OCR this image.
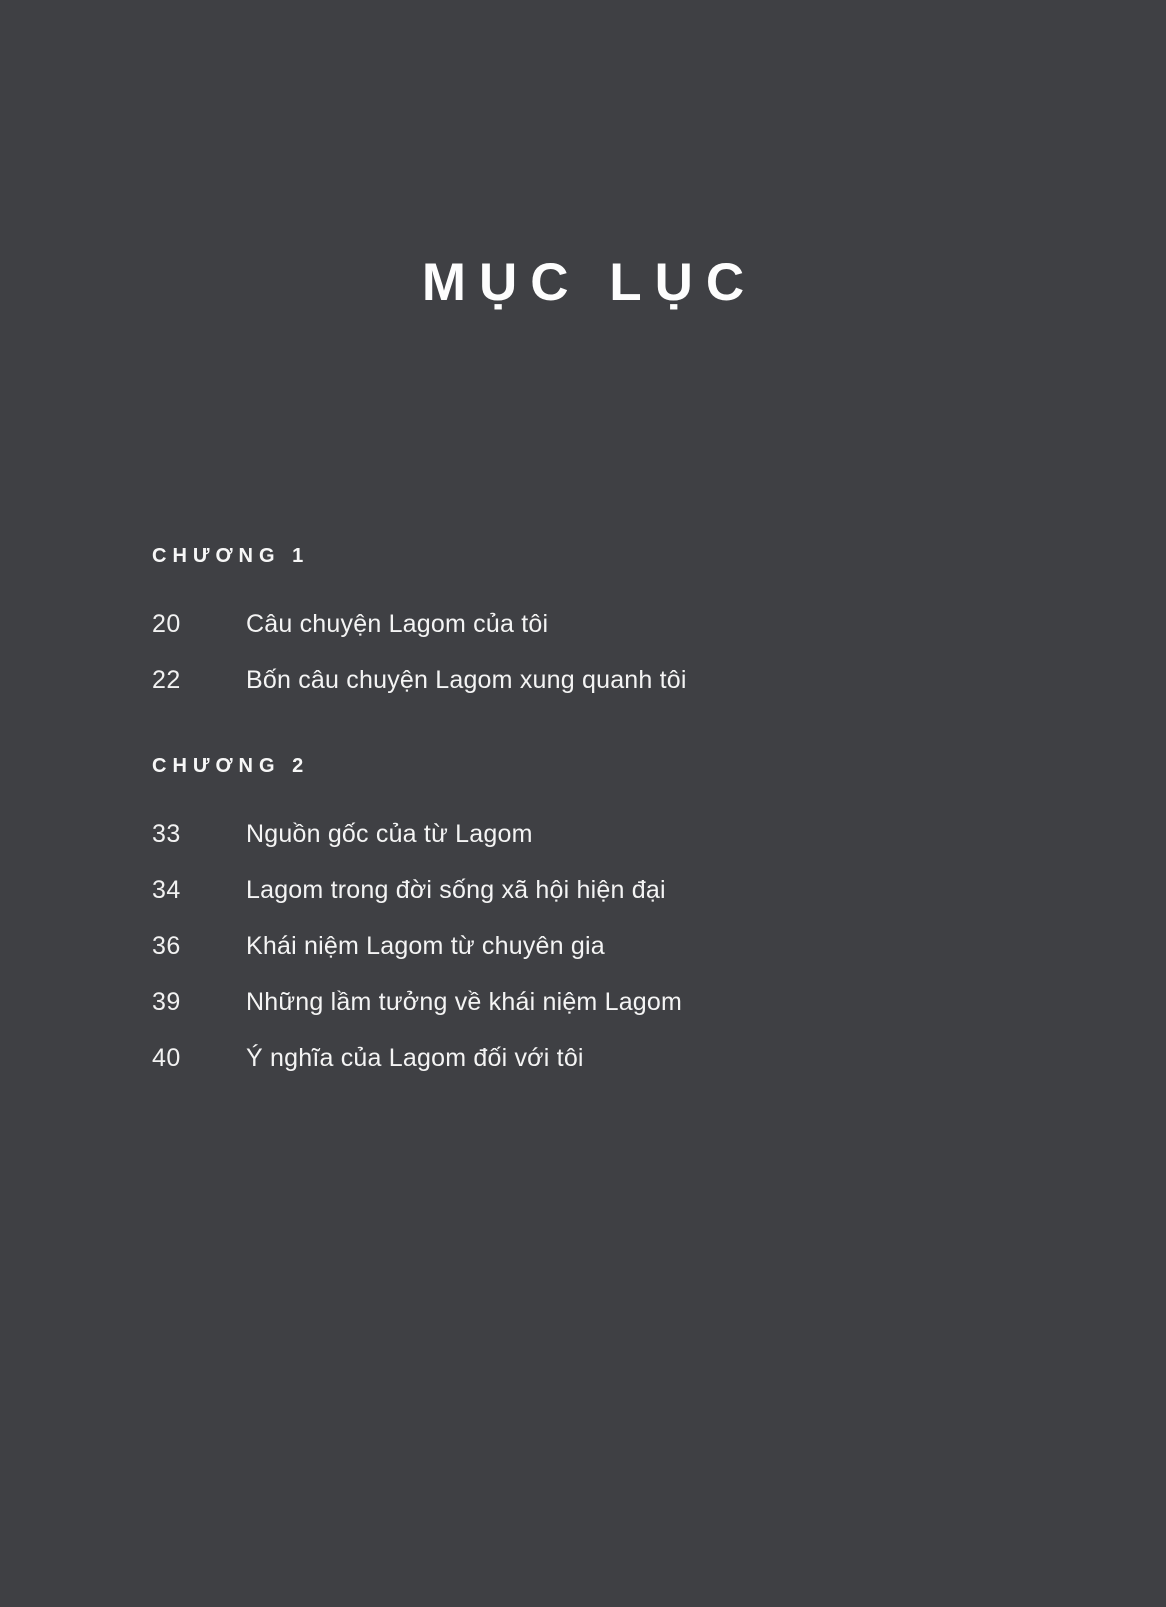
MỤC LỤC
CHƯƠNG 1
20	Câu chuyện Lagom của tôi
22	Bốn câu chuyện Lagom xung quanh tôi
CHƯƠNG 2
33	Nguồn gốc của từ Lagom
34	Lagom trong đời sống xã hội hiện đại
36	Khái niệm Lagom từ chuyên gia
39	Những lầm tưởng về khái niệm Lagom
40	Ý nghĩa của Lagom đối với tôi
